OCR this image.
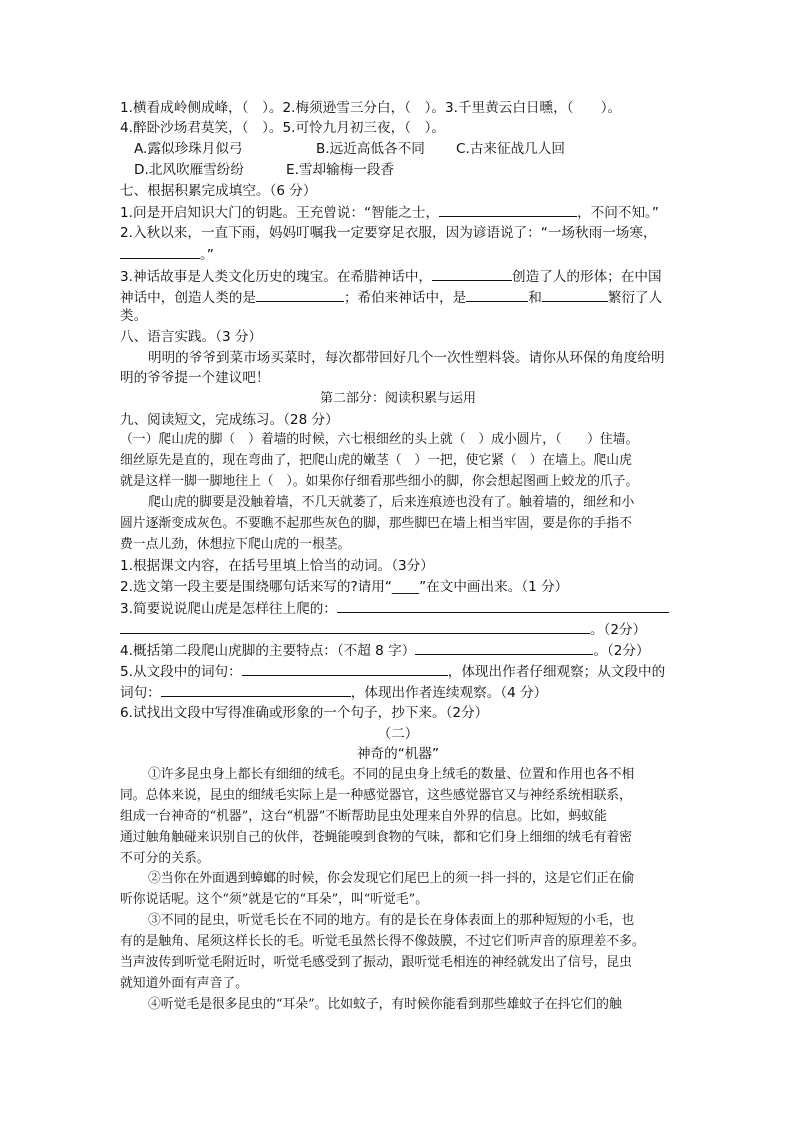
1.横看成岭侧成峰，（　）。2.梅须逊雪三分白，（　）。3.千里黄云白日曛，（　　）。
4.醉卧沙场君莫笑，（　）。5.可怜九月初三夜，（　）。
A.露似珍珠月似弓	B.远近高低各不同 C.古来征战几人回
D.北风吹雁雪纷纷	E.雪却输梅一段香
七、根据积累完成填空。（6 分）
1.问是开启知识大门的钥匙。王充曾说：“智能之士，	，不问不知。”
2.入秋以来，一直下雨，妈妈叮嘱我一定要穿足衣服，因为谚语说了：“一场秋雨一场寒，
。”
3.神话故事是人类文化历史的瑰宝。在希腊神话中，	创造了人的形体；在中国
神话中，创造人类的是	；希伯来神话中，是	和	繁衍了人
类。
八、语言实践。（3 分）
明明的爷爷到菜市场买菜时，每次都带回好几个一次性塑料袋。请你从环保的角度给明
明的爷爷提一个建议吧！
第二部分：阅读积累与运用
九、阅读短文，完成练习。（28 分）
（一）爬山虎的脚（　）着墙的时候，六七根细丝的头上就（　）成小圆片，（　　）住墙。
细丝原先是直的，现在弯曲了，把爬山虎的嫩茎（　）一把，使它紧（　）在墙上。爬山虎
就是这样一脚一脚地往上（　）。如果你仔细看那些细小的脚，你会想起图画上蛟龙的爪子。
爬山虎的脚要是没触着墙，不几天就萎了，后来连痕迹也没有了。触着墙的，细丝和小
圆片逐渐变成灰色。不要瞧不起那些灰色的脚，那些脚巴在墙上相当牢固，要是你的手指不
费一点儿劲，休想拉下爬山虎的一根茎。
1.根据课文内容，在括号里填上恰当的动词。（3分）
2.选文第一段主要是围绕哪句话来写的?请用“____”在文中画出来。（1 分）
3.简要说说爬山虎是怎样往上爬的：
。（2分）
4.概括第二段爬山虎脚的主要特点：（不超 8 字）	。（2分）
5.从文段中的词句：	，体现出作者仔细观察；从文段中的
词句：	，体现出作者连续观察。（4 分）
6.试找出文段中写得准确或形象的一个句子，抄下来。（2分）
（二）
神奇的“机器”
①许多昆虫身上都长有细细的绒毛。不同的昆虫身上绒毛的数量、位置和作用也各不相
同。总体来说，昆虫的细绒毛实际上是一种感觉器官，这些感觉器官又与神经系统相联系，
组成一台神奇的“机器”，这台“机器”不断帮助昆虫处理来自外界的信息。比如，蚂蚁能
通过触角触碰来识别自己的伙伴，苍蝇能嗅到食物的气味，都和它们身上细细的绒毛有着密
不可分的关系。
②当你在外面遇到蟑螂的时候，你会发现它们尾巴上的须一抖一抖的，这是它们正在偷
听你说话呢。这个“须”就是它的“耳朵”，叫“听觉毛”。
③不同的昆虫，听觉毛长在不同的地方。有的是长在身体表面上的那种短短的小毛，也
有的是触角、尾须这样长长的毛。听觉毛虽然长得不像鼓膜，不过它们听声音的原理差不多。
当声波传到听觉毛附近时，听觉毛感受到了振动，跟听觉毛相连的神经就发出了信号，昆虫
就知道外面有声音了。
④听觉毛是很多昆虫的“耳朵”。比如蚊子，有时候你能看到那些雄蚊子在抖它们的触
